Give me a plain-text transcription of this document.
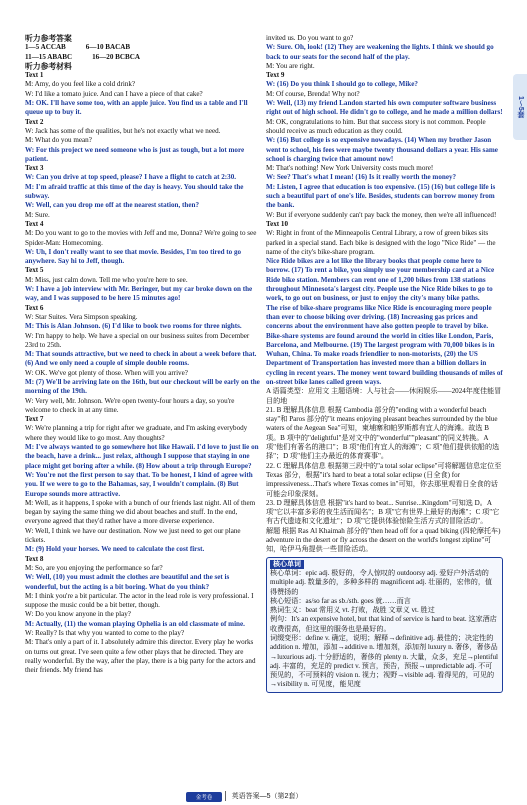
1～5套

听力参考答案

1—5 ACCAB	6—10 BACAB
11—15 ABABC	16—20 BCBCA

听力参考材料

Text 1

M: Amy, do you feel like a cold drink?

W: I'd like a tomato juice. And can I have a piece of that cake?

M: OK. I'll have some too, with an apple juice. You find us a table and I'll queue up to buy it.

Text 2

W: Jack has some of the qualities, but he's not exactly what we need.

M: What do you mean?

W: For this project we need someone who is just as tough, but a lot more patient.

Text 3

W: Can you drive at top speed, please? I have a flight to catch at 2:30.

M: I'm afraid traffic at this time of the day is heavy. You should take the subway.

W: Well, can you drop me off at the nearest station, then?

M: Sure.

Text 4

M: Do you want to go to the movies with Jeff and me, Donna? We're going to see Spider-Man: Homecoming.

W: Uh, I don't really want to see that movie. Besides, I'm too tired to go anywhere. Say hi to Jeff, though.

Text 5

M: Miss, just calm down. Tell me who you're here to see.

W: I have a job interview with Mr. Beringer, but my car broke down on the way, and I was supposed to be here 15 minutes ago!

Text 6

W: Star Suites. Vera Simpson speaking.

M: This is Alan Johnson. (6) I'd like to book two rooms for three nights.

W: I'm happy to help. We have a special on our business suites from December 23rd to 25th.

M: That sounds attractive, but we need to check in about a week before that. (6) And we only need a couple of simple double rooms.

W: OK. We've got plenty of those. When will you arrive?

M: (7) We'll be arriving late on the 16th, but our checkout will be early on the morning of the 19th.

W: Very well, Mr. Johnson. We're open twenty-four hours a day, so you're welcome to check in at any time.

Text 7

W: We're planning a trip for right after we graduate, and I'm asking everybody where they would like to go most. Any thoughts?

M: I've always wanted to go somewhere hot like Hawaii. I'd love to just lie on the beach, have a drink... just relax, although I suppose that staying in one place might get boring after a while. (8) How about a trip through Europe?

W: You're not the first person to say that. To be honest, I kind of agree with you. If we were to go to the Bahamas, say, I wouldn't complain. (8) But Europe sounds more attractive.

M: Well, as it happens, I spoke with a bunch of our friends last night. All of them began by saying the same thing we did about beaches and stuff. In the end, everyone agreed that they'd rather have a more diverse experience.

W: Well, I think we have our destination. Now we just need to get our plane tickets.

M: (9) Hold your horses. We need to calculate the cost first.

Text 8

M: So, are you enjoying the performance so far?

W: Well, (10) you must admit the clothes are beautiful and the set is wonderful, but the acting is a bit boring. What do you think?

M: I think you're a bit particular. The actor in the lead role is very professional. I suppose the music could be a bit better, though.

W: Do you know anyone in the play?

M: Actually, (11) the woman playing Ophelia is an old classmate of mine.

W: Really? Is that why you wanted to come to the play?

M: That's only a part of it. I absolutely admire this director. Every play he works on turns out great. I've seen quite a few other plays that he directed. They are really wonderful. By the way, after the play, there is a big party for the actors and their friends. My friend has

invited us. Do you want to go?

W: Sure. Oh, look! (12) They are weakening the lights. I think we should go back to our seats for the second half of the play.

M: You are right.

Text 9

W: (16) Do you think I should go to college, Mike?

M: Of course, Brenda! Why not?

W: Well, (13) my friend Landon started his own computer software business right out of high school. He didn't go to college, and he made a million dollars!

M: OK, congratulations to him. But that success story is not common. People should receive as much education as they could.

W: (16) But college is so expensive nowadays. (14) When my brother Jason went to school, his fees were maybe twenty thousand dollars a year. His same school is charging twice that amount now!

M: That's nothing! New York University costs much more!

W: See? That's what I mean! (16) Is it really worth the money?

M: Listen, I agree that education is too expensive. (15) (16) but college life is such a beautiful part of one's life. Besides, students can borrow money from the bank.

W: But if everyone suddenly can't pay back the money, then we're all influenced!

Text 10

W: Right in front of the Minneapolis Central Library, a row of green bikes sits parked in a special stand. Each bike is designed with the logo "Nice Ride" — the name of the city's bike-share program.

Nice Ride bikes are a lot like the library books that people come here to borrow. (17) To rent a bike, you simply use your membership card at a Nice Ride bike station. Members can rent one of 1,200 bikes from 138 stations throughout Minnesota's largest city. People use the Nice Ride bikes to go to work, to go out on business, or just to enjoy the city's many bike paths.

The rise of bike-share programs like Nice Ride is encouraging more people than ever to choose biking over driving. (18) Increasing gas prices and concerns about the environment have also gotten people to travel by bike. Bike-share systems are found around the world in cities like London, Paris, Barcelona, and Melbourne. (19) The largest program with 70,000 bikes is in Wuhan, China. To make roads friendlier to non-motorists, (20) the US Department of Transportation has invested more than a billion dollars in cycling in recent years. The money went toward building thousands of miles of on-street bike lanes called green ways.

A 语篇类型：应用文 主题语境：人与社会——休闲娱乐——2024年度佳能冒目的地

21. B 理解具体信息 根据 Cambodia 部分的"ending with a wonderful beach stay"和 Paros 部分的"it means enjoying pleasant beaches surrounded by the blue waters of the Aegean Sea"可知，柬埔寨和帕罗斯都有宜人的海滩。故选 B 项。B 项中的"delightful"是对文中的"wonderful""pleasant"的同义转换。A 项"他们有著名的港口"；B 项"他们有宜人的海滩"；C 项"他们提供依船的选择"；D 项"他们主办最近的体育赛事"。

22. C 理解具体信息 根据第三段中的"a total solar eclipse"可将解题信息定位至 Texas 部分，根据"it's hard to beat a total solar eclipse (日全食) for impressiveness...That's where Texas comes in"可知，你去那里观看日全食的话可能会印象深刻。

23. D 理解具体信息 根据"it's hard to beat... Sunrise...Kingdom"可知选 D。A 项"它以丰富多彩的夜生活而闻名"；B 项"它有世界上最好的海滩"；C 项"它有古代遗迹和文化遗址"；D 项"它提供体验惊险生活方式的冒险活动"。

解题 根据 Ras Al Khaimah 部分的"then head off for a quad biking (四轮摩托车) adventure in the desert or fly across the desert on the world's longest zipline"可知，哈伊马角提供一些冒险活动。

核心单词

核心单词：epic adj. 极好的，令人惊叹的 outdoorsy adj. 爱好户外活动的 multiple adj. 数量多的，多种多样的 magnificent adj. 壮丽的，宏伟的，值得赞扬的

核心短语：as/so far as sb./sth. goes 就……而言

熟词生义：beat 常用义 vt. 打败，战胜 文章义 vt. 胜过

例句：It's an expensive hotel, but that kind of service is hard to beat. 这家酒店收费很高，但这里的服务也是最好的。

词缀变形：define v. 确定，说明；解释→definitive adj. 最佳的；决定性的 addition n. 增加，添加→additive n. 增加剂，添加剂 luxury n. 奢侈，奢侈品→luxurious adj. 十分舒适的，奢侈的 plenty n. 大量，众多，充足→plentiful adj. 丰富的，充足的 predict v. 预言，预告，预报→unpredictable adj. 不可预见的，不可预料的 vision n. 视力；视野→visible adj. 看得见的，可见的→visibility n. 可见度，能见度

金考卷	英语答案—5（第2套）
